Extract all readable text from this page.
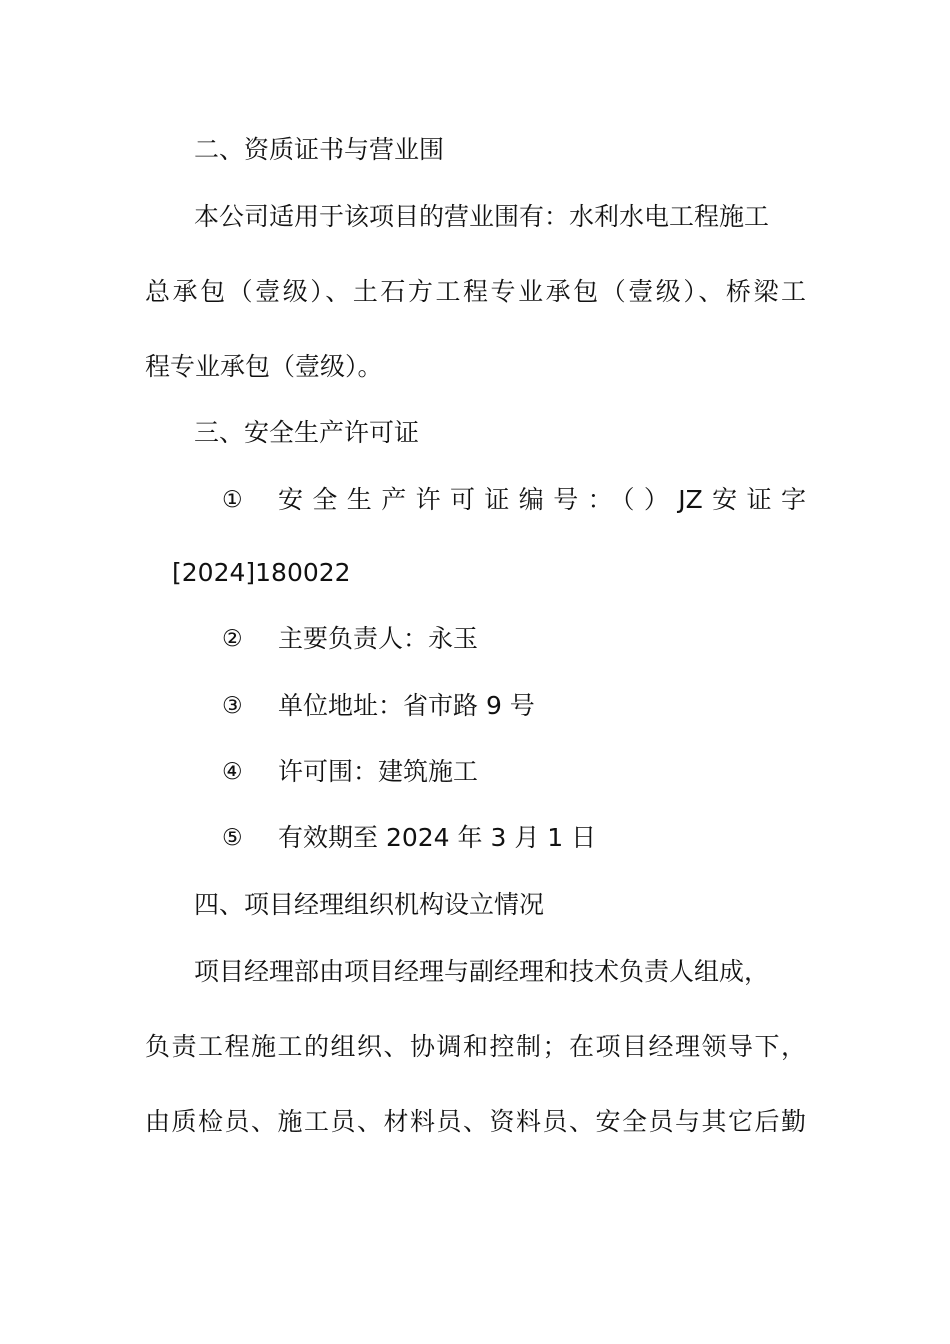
二、资质证书与营业围
本公司适用于该项目的营业围有：水利水电工程施工
总承包（壹级）、土石方工程专业承包（壹级）、桥梁工
程专业承包（壹级）。
三、安全生产许可证
① 安全生产许可证编号：（）JZ安证字
[2024]180022
② 主要负责人：永玉
③ 单位地址：省市路 9 号
④ 许可围：建筑施工
⑤ 有效期至 2024 年 3 月 1 日
四、项目经理组织机构设立情况
项目经理部由项目经理与副经理和技术负责人组成，
负责工程施工的组织、协调和控制；在项目经理领导下，
由质检员、施工员、材料员、资料员、安全员与其它后勤
